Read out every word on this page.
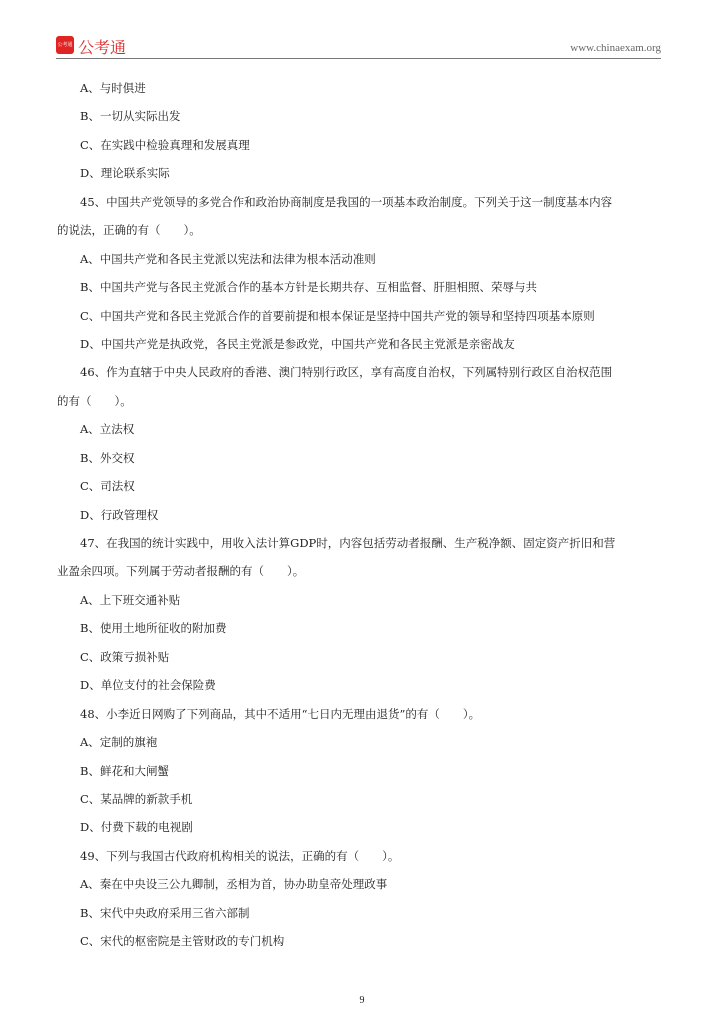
公考通 公考通	www.chinaexam.org
A、与时俱进
B、一切从实际出发
C、在实践中检验真理和发展真理
D、理论联系实际
45、中国共产党领导的多党合作和政治协商制度是我国的一项基本政治制度。下列关于这一制度基本内容
的说法，正确的有（　　）。
A、中国共产党和各民主党派以宪法和法律为根本活动准则
B、中国共产党与各民主党派合作的基本方针是长期共存、互相监督、肝胆相照、荣辱与共
C、中国共产党和各民主党派合作的首要前提和根本保证是坚持中国共产党的领导和坚持四项基本原则
D、中国共产党是执政党，各民主党派是参政党，中国共产党和各民主党派是亲密战友
46、作为直辖于中央人民政府的香港、澳门特别行政区，享有高度自治权，下列属特别行政区自治权范围
的有（　　）。
A、立法权
B、外交权
C、司法权
D、行政管理权
47、在我国的统计实践中，用收入法计算GDP时，内容包括劳动者报酬、生产税净额、固定资产折旧和营
业盈余四项。下列属于劳动者报酬的有（　　）。
A、上下班交通补贴
B、使用土地所征收的附加费
C、政策亏损补贴
D、单位支付的社会保险费
48、小李近日网购了下列商品，其中不适用“七日内无理由退货”的有（　　）。
A、定制的旗袍
B、鲜花和大闸蟹
C、某品牌的新款手机
D、付费下载的电视剧
49、下列与我国古代政府机构相关的说法，正确的有（　　）。
A、秦在中央设三公九卿制，丞相为首，协办助皇帝处理政事
B、宋代中央政府采用三省六部制
C、宋代的枢密院是主管财政的专门机构
9
